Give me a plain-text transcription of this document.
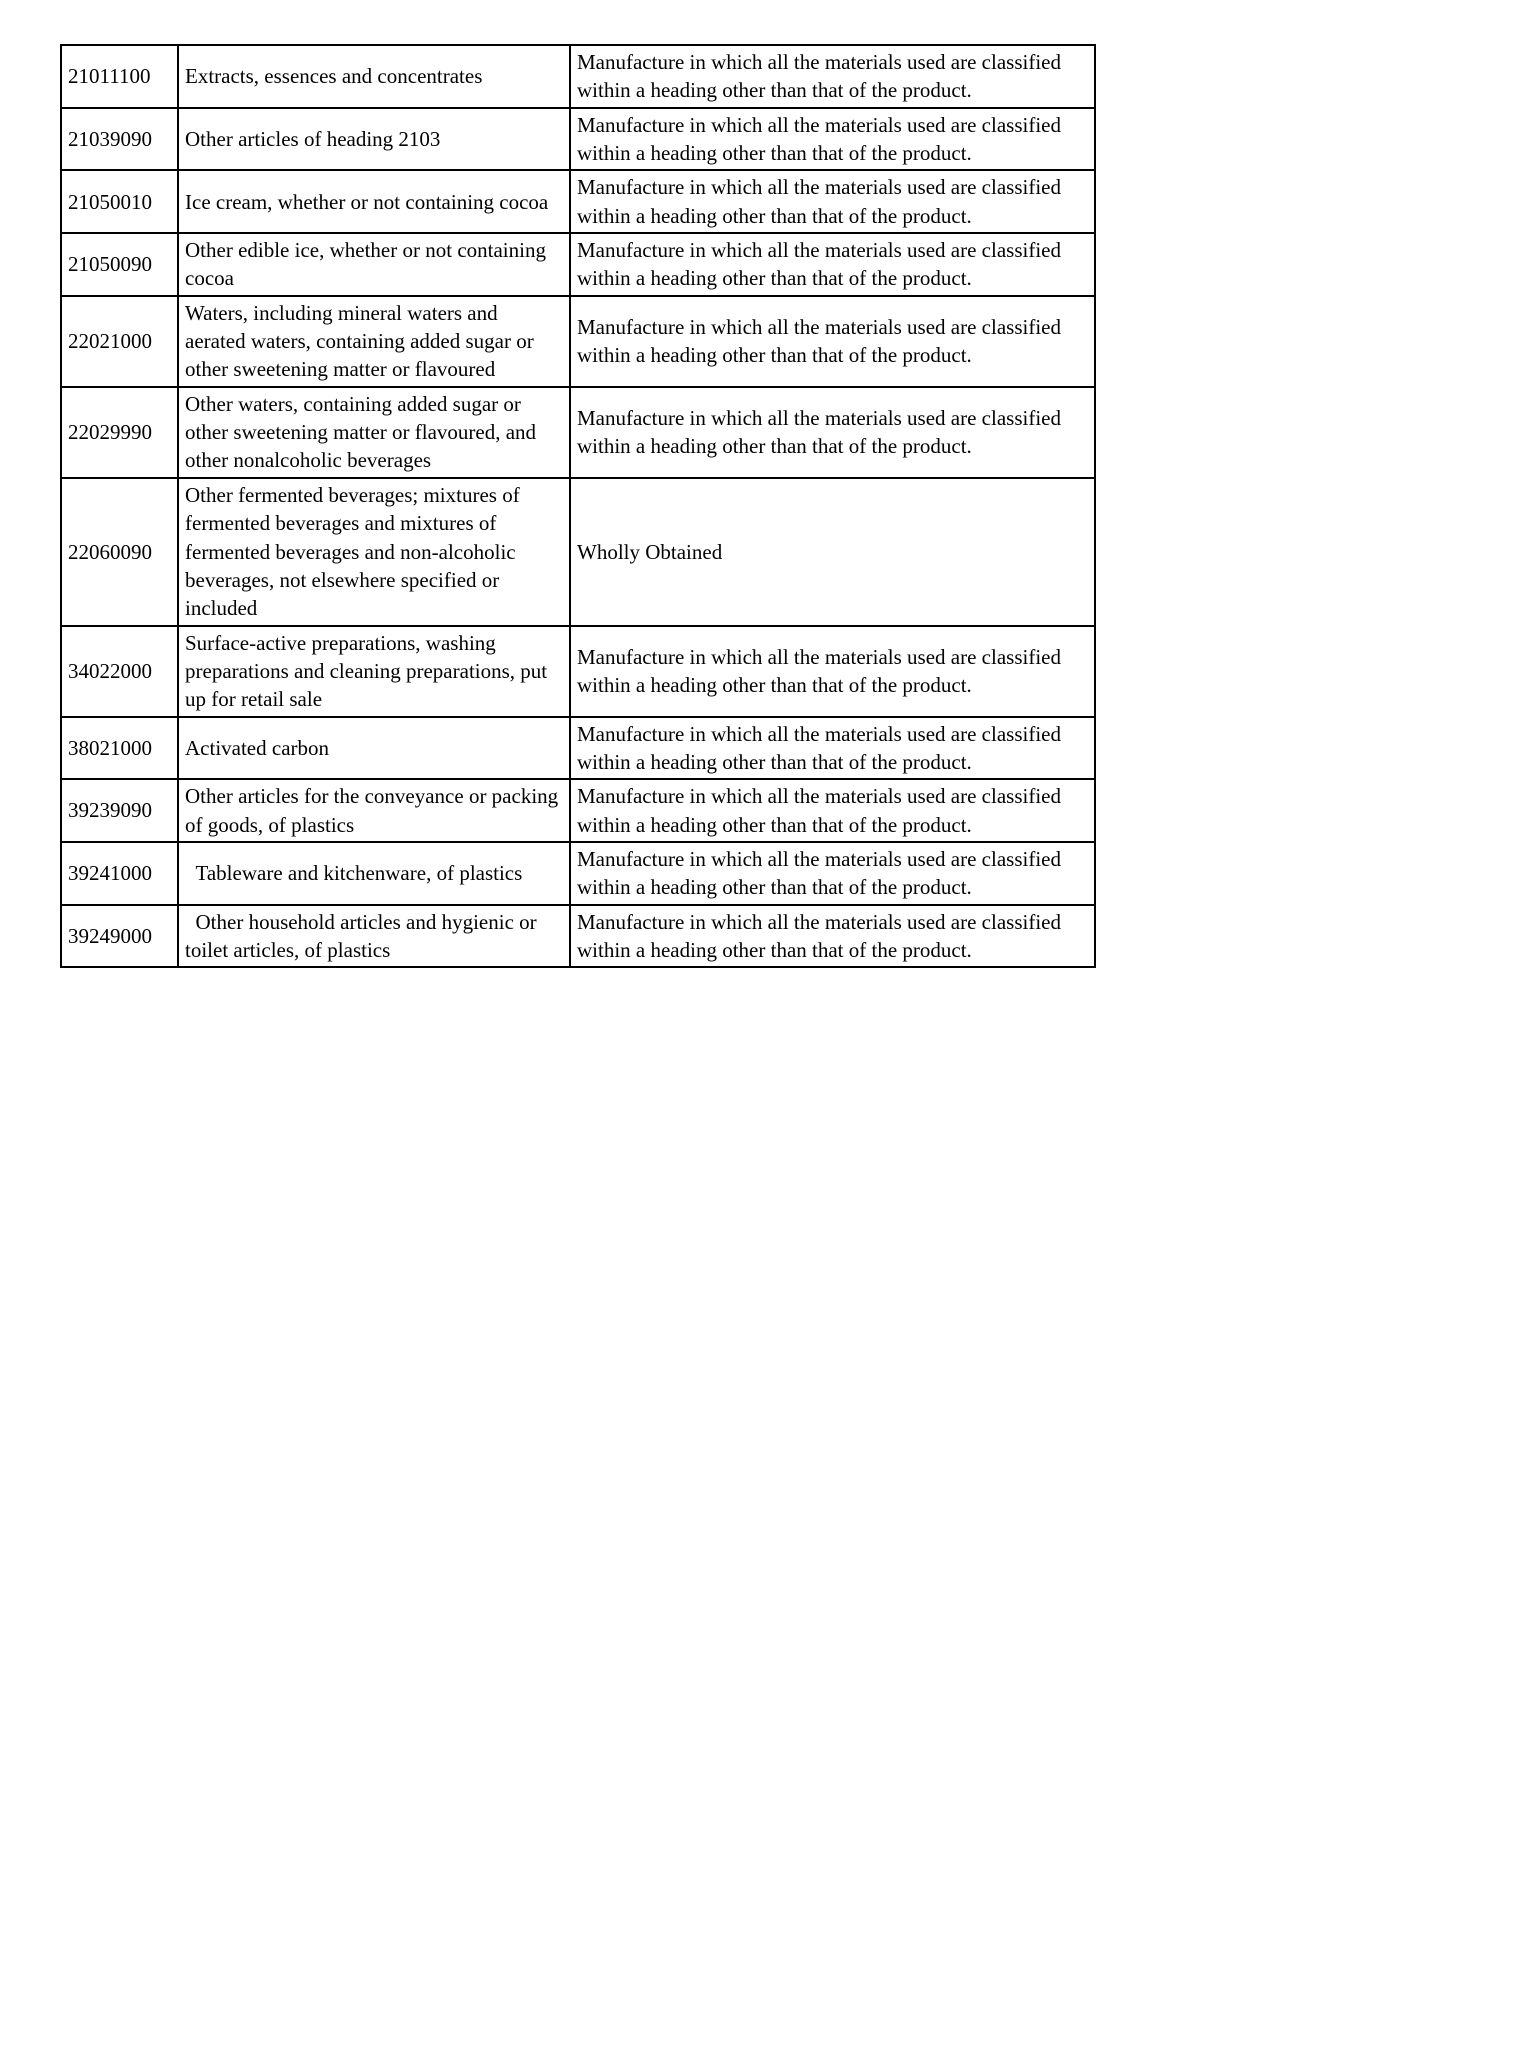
21011100	Extracts, essences and concentrates	Manufacture in which all the materials used are classified within a heading other than that of the product.
21039090	Other articles of heading 2103	Manufacture in which all the materials used are classified within a heading other than that of the product.
21050010	Ice cream, whether or not containing cocoa	Manufacture in which all the materials used are classified within a heading other than that of the product.
21050090	Other edible ice, whether or not containing cocoa	Manufacture in which all the materials used are classified within a heading other than that of the product.
22021000	Waters, including mineral waters and aerated waters, containing added sugar or other sweetening matter or flavoured	Manufacture in which all the materials used are classified within a heading other than that of the product.
22029990	Other waters, containing added sugar or other sweetening matter or flavoured, and other nonalcoholic beverages	Manufacture in which all the materials used are classified within a heading other than that of the product.
22060090	Other fermented beverages; mixtures of fermented beverages and mixtures of fermented beverages and non-alcoholic beverages, not elsewhere specified or included	Wholly Obtained
34022000	Surface-active preparations, washing preparations and cleaning preparations, put up for retail sale	Manufacture in which all the materials used are classified within a heading other than that of the product.
38021000	Activated carbon	Manufacture in which all the materials used are classified within a heading other than that of the product.
39239090	Other articles for the conveyance or packing of goods, of plastics	Manufacture in which all the materials used are classified within a heading other than that of the product.
39241000	Tableware and kitchenware, of plastics	Manufacture in which all the materials used are classified within a heading other than that of the product.
39249000	Other household articles and hygienic or toilet articles, of plastics	Manufacture in which all the materials used are classified within a heading other than that of the product.
